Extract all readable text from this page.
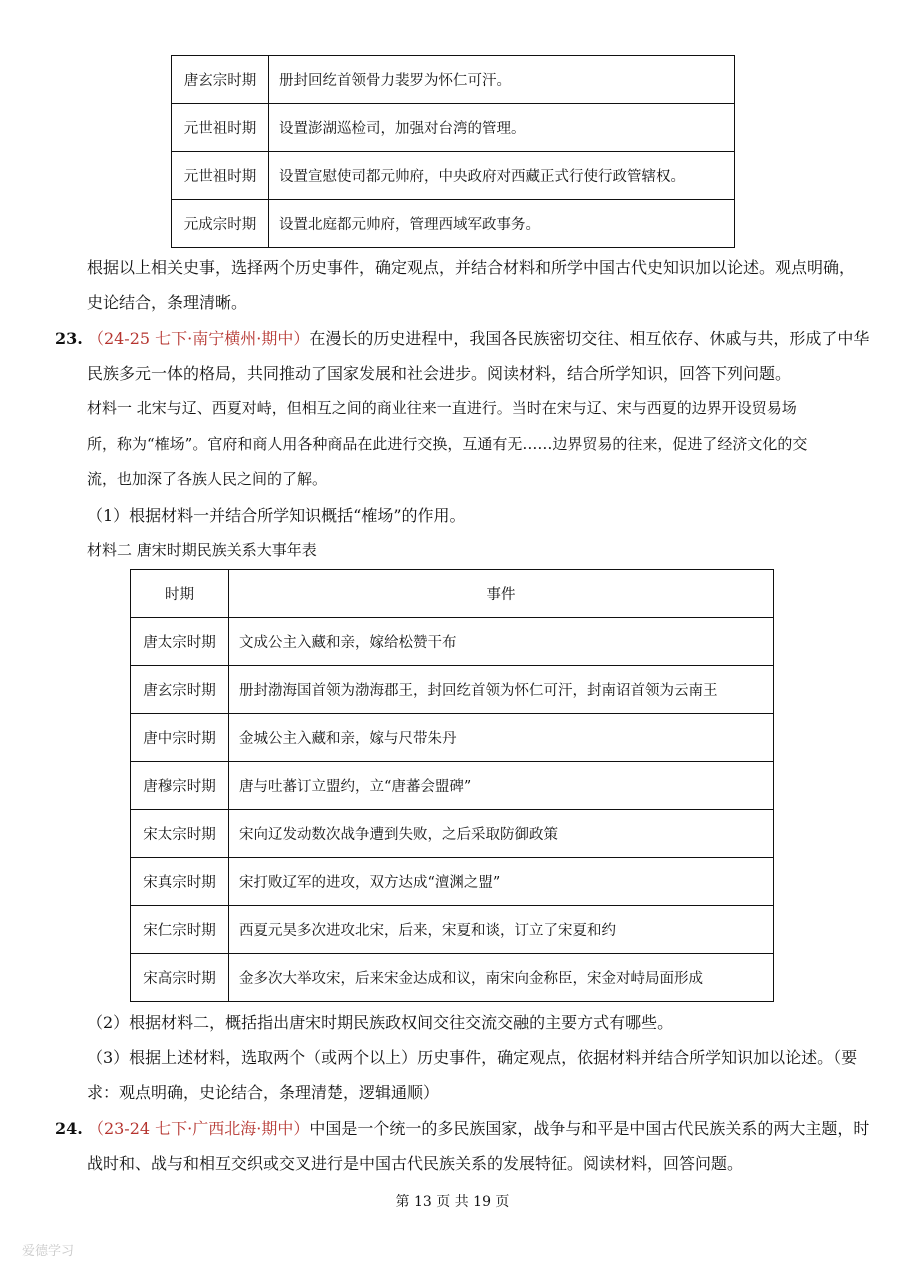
唐玄宗时期	册封回纥首领骨力裴罗为怀仁可汗。
元世祖时期	设置澎湖巡检司，加强对台湾的管理。
元世祖时期	设置宣慰使司都元帅府，中央政府对西藏正式行使行政管辖权。
元成宗时期	设置北庭都元帅府，管理西域军政事务。
根据以上相关史事，选择两个历史事件，确定观点，并结合材料和所学中国古代史知识加以论述。观点明确，
史论结合，条理清晰。
23. （24-25 七下·南宁横州·期中）在漫长的历史进程中，我国各民族密切交往、相互依存、休戚与共，形成了中华
民族多元一体的格局，共同推动了国家发展和社会进步。阅读材料，结合所学知识，回答下列问题。
材料一 北宋与辽、西夏对峙，但相互之间的商业往来一直进行。当时在宋与辽、宋与西夏的边界开设贸易场
所，称为“榷场”。官府和商人用各种商品在此进行交换，互通有无……边界贸易的往来，促进了经济文化的交
流，也加深了各族人民之间的了解。
（1）根据材料一并结合所学知识概括“榷场”的作用。
材料二 唐宋时期民族关系大事年表
时期	事件
唐太宗时期	文成公主入藏和亲，嫁给松赞干布
唐玄宗时期	册封渤海国首领为渤海郡王，封回纥首领为怀仁可汗，封南诏首领为云南王
唐中宗时期	金城公主入藏和亲，嫁与尺带朱丹
唐穆宗时期	唐与吐蕃订立盟约，立“唐蕃会盟碑”
宋太宗时期	宋向辽发动数次战争遭到失败，之后采取防御政策
宋真宗时期	宋打败辽军的进攻，双方达成“澶渊之盟”
宋仁宗时期	西夏元昊多次进攻北宋，后来，宋夏和谈，订立了宋夏和约
宋高宗时期	金多次大举攻宋，后来宋金达成和议，南宋向金称臣，宋金对峙局面形成
（2）根据材料二，概括指出唐宋时期民族政权间交往交流交融的主要方式有哪些。
（3）根据上述材料，选取两个（或两个以上）历史事件，确定观点，依据材料并结合所学知识加以论述。（要
求：观点明确，史论结合，条理清楚，逻辑通顺）
24. （23-24 七下·广西北海·期中）中国是一个统一的多民族国家，战争与和平是中国古代民族关系的两大主题，时
战时和、战与和相互交织或交叉进行是中国古代民族关系的发展特征。阅读材料，回答问题。
第 13 页 共 19 页
爱德学习
